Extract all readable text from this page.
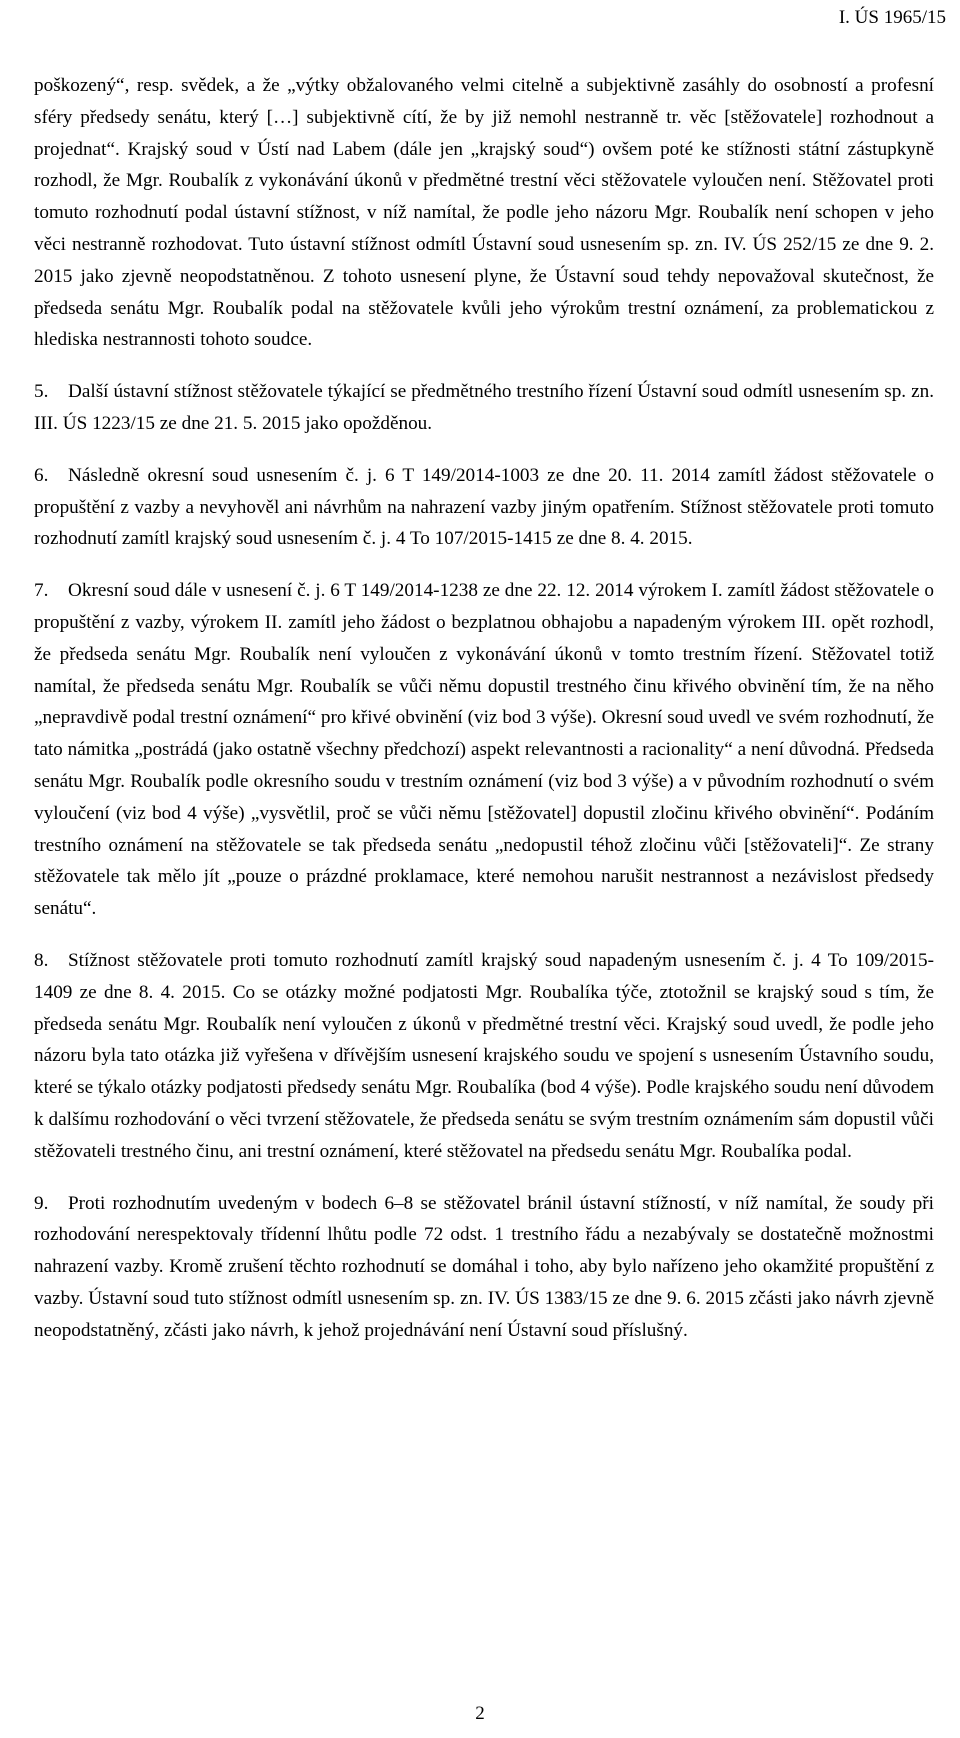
I. ÚS 1965/15

poškozený“, resp. svědek, a že „výtky obžalovaného velmi citelně a subjektivně zasáhly do osobností a profesní sféry předsedy senátu, který […] subjektivně cítí, že by již nemohl nestranně tr. věc [stěžovatele] rozhodnout a projednat“. Krajský soud v Ústí nad Labem (dále jen „krajský soud“) ovšem poté ke stížnosti státní zástupkyně rozhodl, že Mgr. Roubalík z vykonávání úkonů v předmětné trestní věci stěžovatele vyloučen není. Stěžovatel proti tomuto rozhodnutí podal ústavní stížnost, v níž namítal, že podle jeho názoru Mgr. Roubalík není schopen v jeho věci nestranně rozhodovat. Tuto ústavní stížnost odmítl Ústavní soud usnesením sp. zn. IV. ÚS 252/15 ze dne 9. 2. 2015 jako zjevně neopodstatněnou. Z tohoto usnesení plyne, že Ústavní soud tehdy nepovažoval skutečnost, že předseda senátu Mgr. Roubalík podal na stěžovatele kvůli jeho výrokům trestní oznámení, za problematickou z hlediska nestrannosti tohoto soudce.

5. Další ústavní stížnost stěžovatele týkající se předmětného trestního řízení Ústavní soud odmítl usnesením sp. zn. III. ÚS 1223/15 ze dne 21. 5. 2015 jako opožděnou.

6. Následně okresní soud usnesením č. j. 6 T 149/2014-1003 ze dne 20. 11. 2014 zamítl žádost stěžovatele o propuštění z vazby a nevyhověl ani návrhům na nahrazení vazby jiným opatřením. Stížnost stěžovatele proti tomuto rozhodnutí zamítl krajský soud usnesením č. j. 4 To 107/2015-1415 ze dne 8. 4. 2015.

7. Okresní soud dále v usnesení č. j. 6 T 149/2014-1238 ze dne 22. 12. 2014 výrokem I. zamítl žádost stěžovatele o propuštění z vazby, výrokem II. zamítl jeho žádost o bezplatnou obhajobu a napadeným výrokem III. opět rozhodl, že předseda senátu Mgr. Roubalík není vyloučen z vykonávání úkonů v tomto trestním řízení. Stěžovatel totiž namítal, že předseda senátu Mgr. Roubalík se vůči němu dopustil trestného činu křivého obvinění tím, že na něho „nepravdivě podal trestní oznámení“ pro křivé obvinění (viz bod 3 výše). Okresní soud uvedl ve svém rozhodnutí, že tato námitka „postrádá (jako ostatně všechny předchozí) aspekt relevantnosti a racionality“ a není důvodná. Předseda senátu Mgr. Roubalík podle okresního soudu v trestním oznámení (viz bod 3 výše) a v původním rozhodnutí o svém vyloučení (viz bod 4 výše) „vysvětlil, proč se vůči němu [stěžovatel] dopustil zločinu křivého obvinění“. Podáním trestního oznámení na stěžovatele se tak předseda senátu „nedopustil téhož zločinu vůči [stěžovateli]“. Ze strany stěžovatele tak mělo jít „pouze o prázdné proklamace, které nemohou narušit nestrannost a nezávislost předsedy senátu“.

8. Stížnost stěžovatele proti tomuto rozhodnutí zamítl krajský soud napadeným usnesením č. j. 4 To 109/2015-1409 ze dne 8. 4. 2015. Co se otázky možné podjatosti Mgr. Roubalíka týče, ztotožnil se krajský soud s tím, že předseda senátu Mgr. Roubalík není vyloučen z úkonů v předmětné trestní věci. Krajský soud uvedl, že podle jeho názoru byla tato otázka již vyřešena v dřívějším usnesení krajského soudu ve spojení s usnesením Ústavního soudu, které se týkalo otázky podjatosti předsedy senátu Mgr. Roubalíka (bod 4 výše). Podle krajského soudu není důvodem k dalšímu rozhodování o věci tvrzení stěžovatele, že předseda senátu se svým trestním oznámením sám dopustil vůči stěžovateli trestného činu, ani trestní oznámení, které stěžovatel na předsedu senátu Mgr. Roubalíka podal.

9. Proti rozhodnutím uvedeným v bodech 6–8 se stěžovatel bránil ústavní stížností, v níž namítal, že soudy při rozhodování nerespektovaly třídenní lhůtu podle 72 odst. 1 trestního řádu a nezabývaly se dostatečně možnostmi nahrazení vazby. Kromě zrušení těchto rozhodnutí se domáhal i toho, aby bylo nařízeno jeho okamžité propuštění z vazby. Ústavní soud tuto stížnost odmítl usnesením sp. zn. IV. ÚS 1383/15 ze dne 9. 6. 2015 zčásti jako návrh zjevně neopodstatněný, zčásti jako návrh, k jehož projednávání není Ústavní soud příslušný.

2
